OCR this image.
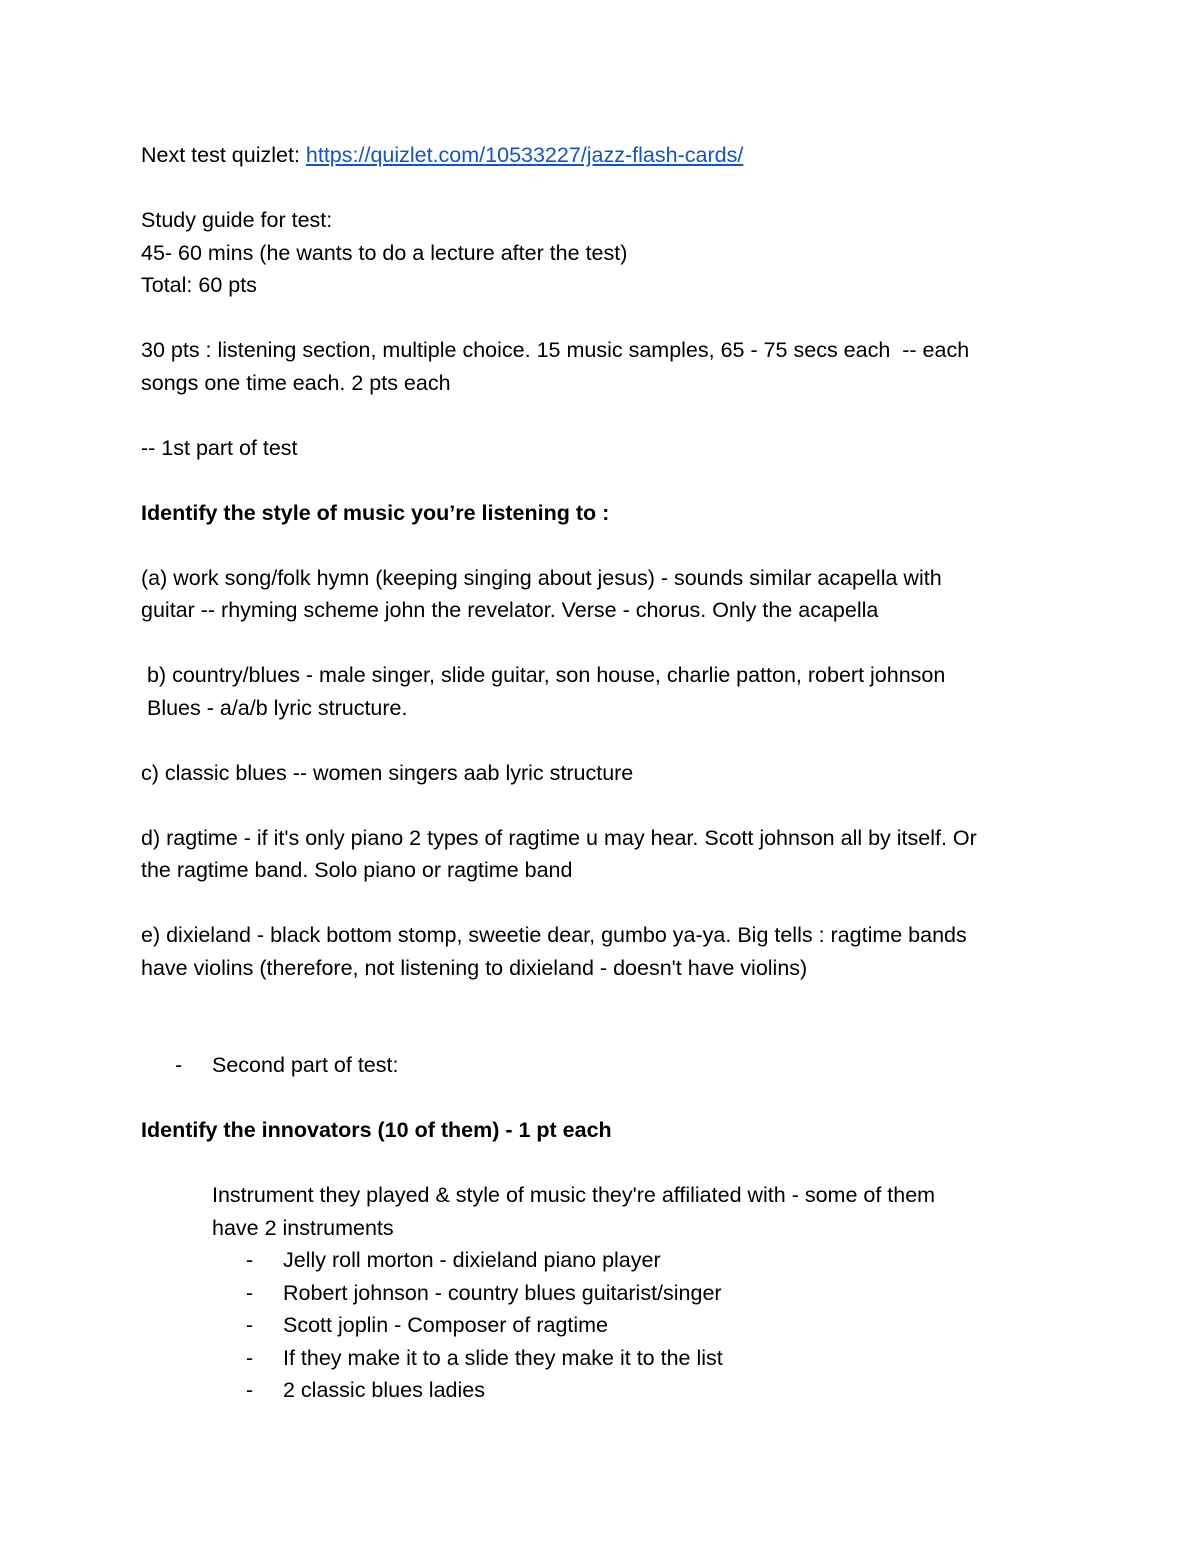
Next test quizlet: https://quizlet.com/10533227/jazz-flash-cards/

Study guide for test:

45- 60 mins (he wants to do a lecture after the test)

Total: 60 pts

30 pts : listening section, multiple choice. 15 music samples, 65 - 75 secs each  -- each

songs one time each. 2 pts each

-- 1st part of test

Identify the style of music you’re listening to :

(a) work song/folk hymn (keeping singing about jesus) - sounds similar acapella with

guitar -- rhyming scheme john the revelator. Verse - chorus. Only the acapella

b) country/blues - male singer, slide guitar, son house, charlie patton, robert johnson

Blues - a/a/b lyric structure.

c) classic blues -- women singers aab lyric structure

d) ragtime - if it's only piano 2 types of ragtime u may hear. Scott johnson all by itself. Or

the ragtime band. Solo piano or ragtime band

e) dixieland - black bottom stomp, sweetie dear, gumbo ya-ya. Big tells : ragtime bands

have violins (therefore, not listening to dixieland - doesn't have violins)

- Second part of test:

Identify the innovators (10 of them) - 1 pt each

Instrument they played & style of music they're affiliated with - some of them

have 2 instruments

- Jelly roll morton - dixieland piano player

- Robert johnson - country blues guitarist/singer

- Scott joplin - Composer of ragtime

- If they make it to a slide they make it to the list

- 2 classic blues ladies
